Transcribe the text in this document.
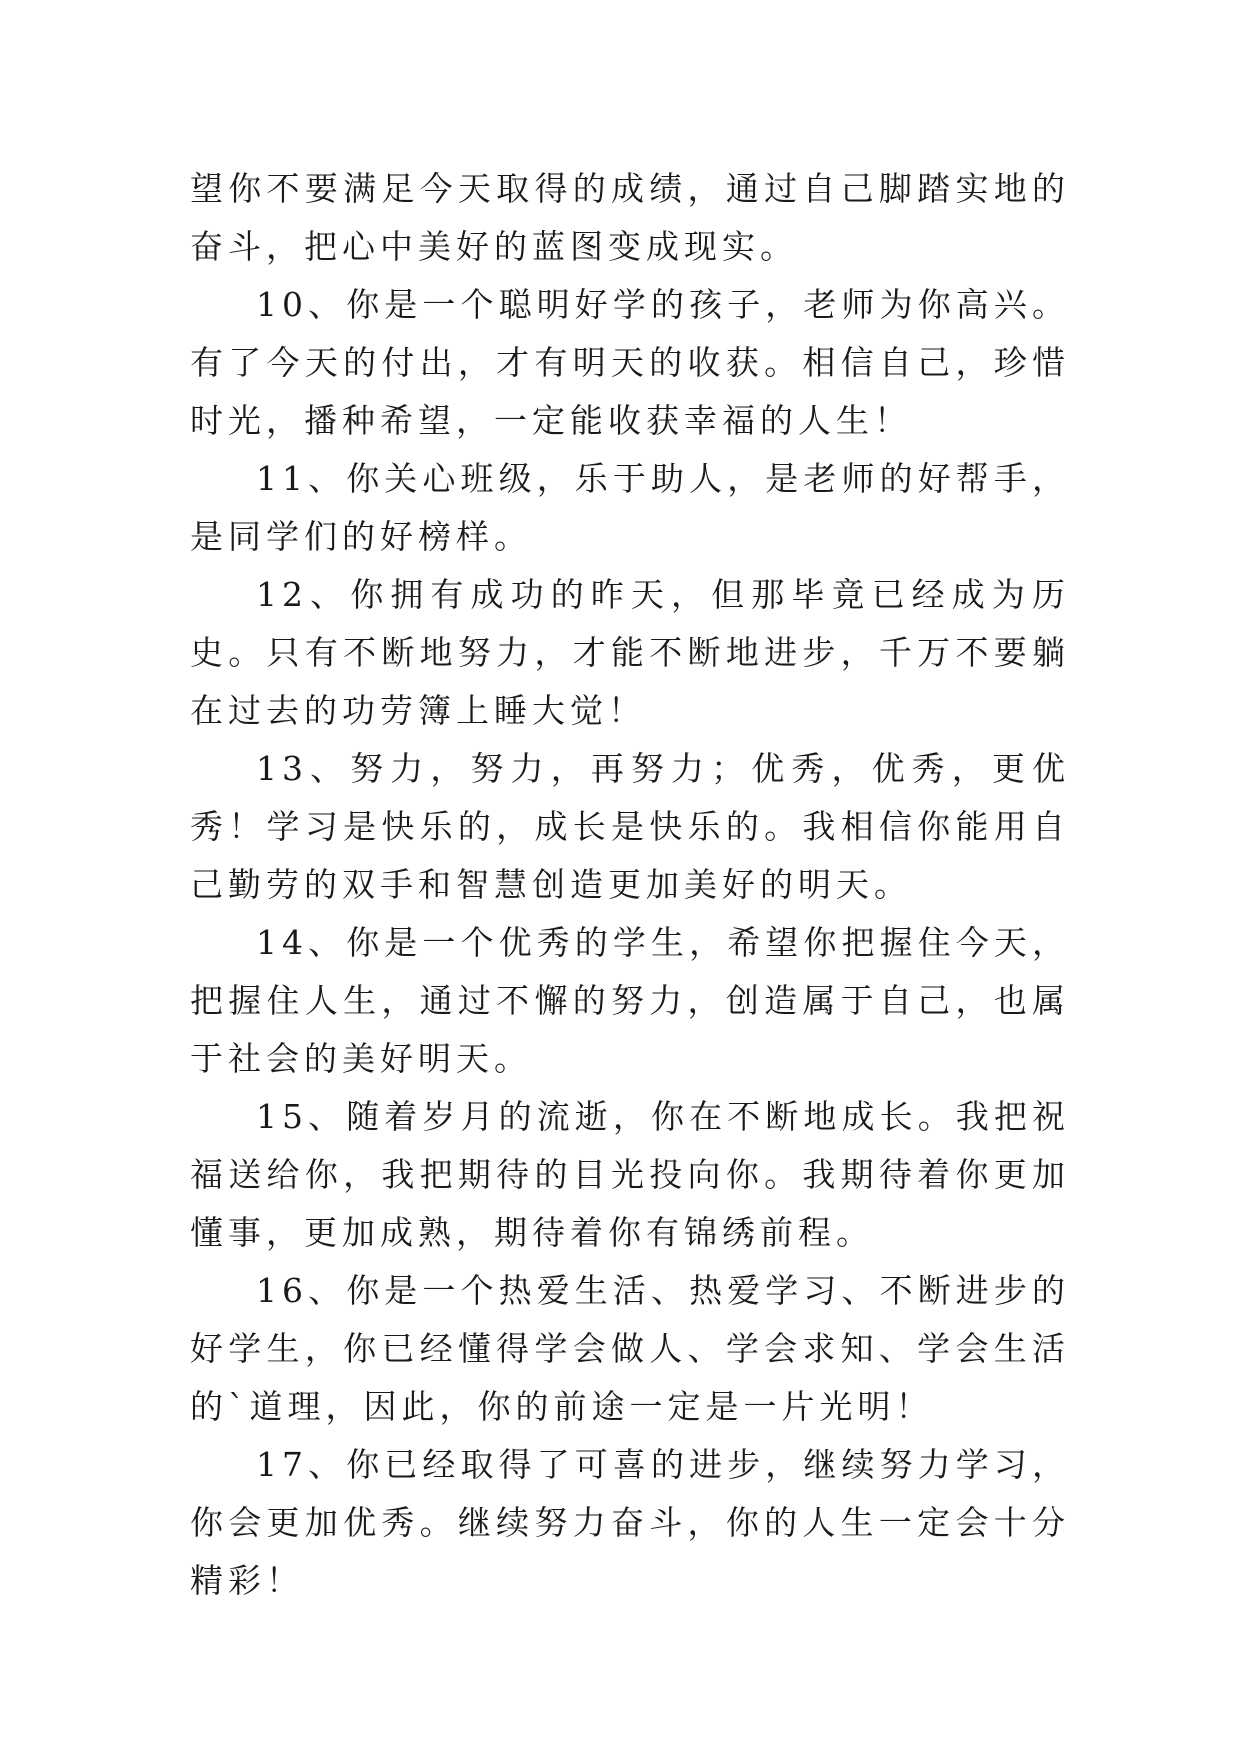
望你不要满足今天取得的成绩，通过自己脚踏实地的奋斗，把心中美好的蓝图变成现实。

10、你是一个聪明好学的孩子，老师为你高兴。有了今天的付出，才有明天的收获。相信自己，珍惜时光，播种希望，一定能收获幸福的人生！

11、你关心班级，乐于助人，是老师的好帮手，是同学们的好榜样。

12、你拥有成功的昨天，但那毕竟已经成为历史。只有不断地努力，才能不断地进步，千万不要躺在过去的功劳簿上睡大觉！

13、努力，努力，再努力；优秀，优秀，更优秀！学习是快乐的，成长是快乐的。我相信你能用自己勤劳的双手和智慧创造更加美好的明天。

14、你是一个优秀的学生，希望你把握住今天，把握住人生，通过不懈的努力，创造属于自己，也属于社会的美好明天。

15、随着岁月的流逝，你在不断地成长。我把祝福送给你，我把期待的目光投向你。我期待着你更加懂事，更加成熟，期待着你有锦绣前程。

16、你是一个热爱生活、热爱学习、不断进步的好学生，你已经懂得学会做人、学会求知、学会生活的`道理，因此，你的前途一定是一片光明！

17、你已经取得了可喜的进步，继续努力学习，你会更加优秀。继续努力奋斗，你的人生一定会十分精彩！
